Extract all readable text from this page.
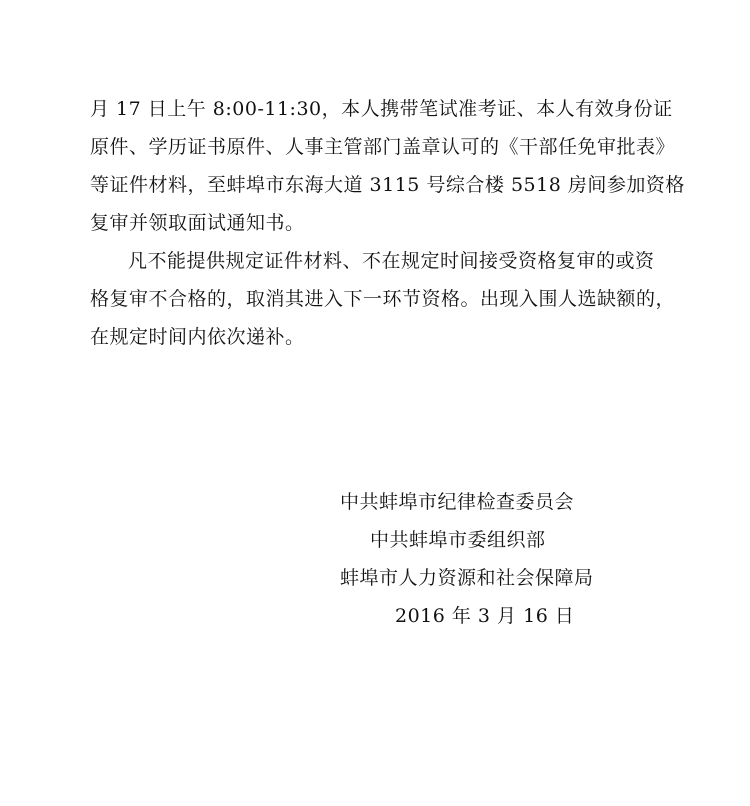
月 17 日上午 8:00-11:30，本人携带笔试准考证、本人有效身份证
原件、学历证书原件、人事主管部门盖章认可的《干部任免审批表》
等证件材料，至蚌埠市东海大道 3115 号综合楼 5518 房间参加资格
复审并领取面试通知书。
凡不能提供规定证件材料、不在规定时间接受资格复审的或资
格复审不合格的，取消其进入下一环节资格。出现入围人选缺额的，
在规定时间内依次递补。
中共蚌埠市纪律检查委员会
中共蚌埠市委组织部
蚌埠市人力资源和社会保障局
2016 年 3 月 16 日
